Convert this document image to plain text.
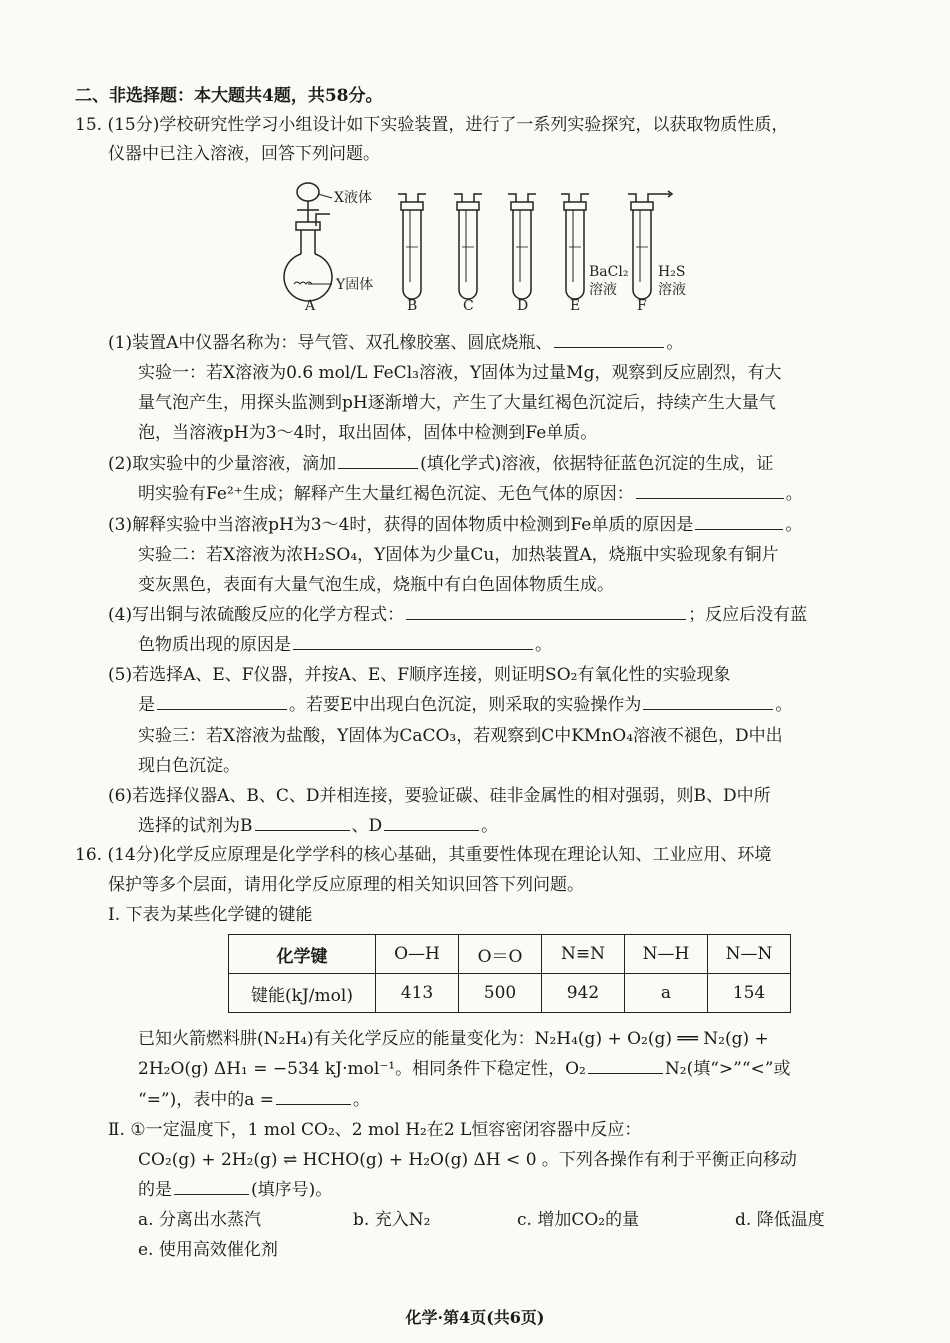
二、非选择题：本大题共4题，共58分。
15. (15分)学校研究性学习小组设计如下实验装置，进行了一系列实验探究，以获取物质性质，
仪器中已注入溶液，回答下列问题。
X液体
Y固体
A	B	C	D	E	F
BaCl₂
溶液
H₂S
溶液
(1)装置A中仪器名称为：导气管、双孔橡胶塞、圆底烧瓶、	。
实验一：若X溶液为0.6 mol/L FeCl₃溶液，Y固体为过量Mg，观察到反应剧烈，有大
量气泡产生，用探头监测到pH逐渐增大，产生了大量红褐色沉淀后，持续产生大量气
泡，当溶液pH为3～4时，取出固体，固体中检测到Fe单质。
(2)取实验中的少量溶液，滴加	(填化学式)溶液，依据特征蓝色沉淀的生成，证
明实验有Fe²⁺生成；解释产生大量红褐色沉淀、无色气体的原因：	。
(3)解释实验中当溶液pH为3～4时，获得的固体物质中检测到Fe单质的原因是	。
实验二：若X溶液为浓H₂SO₄，Y固体为少量Cu，加热装置A，烧瓶中实验现象有铜片
变灰黑色，表面有大量气泡生成，烧瓶中有白色固体物质生成。
(4)写出铜与浓硫酸反应的化学方程式：	；反应后没有蓝
色物质出现的原因是	。
(5)若选择A、E、F仪器，并按A、E、F顺序连接，则证明SO₂有氧化性的实验现象
是	。若要E中出现白色沉淀，则采取的实验操作为	。
实验三：若X溶液为盐酸，Y固体为CaCO₃，若观察到C中KMnO₄溶液不褪色，D中出
现白色沉淀。
(6)若选择仪器A、B、C、D并相连接，要验证碳、硅非金属性的相对强弱，则B、D中所
选择的试剂为B	、D	。
16. (14分)化学反应原理是化学学科的核心基础，其重要性体现在理论认知、工业应用、环境
保护等多个层面，请用化学反应原理的相关知识回答下列问题。
Ⅰ. 下表为某些化学键的键能
化学键	O—H	O＝O	N≡N	N—H	N—N
键能(kJ/mol)	413	500	942	a	154
已知火箭燃料肼(N₂H₄)有关化学反应的能量变化为：N₂H₄(g) + O₂(g) ══ N₂(g) +
2H₂O(g) ΔH₁ = −534 kJ·mol⁻¹。相同条件下稳定性，O₂	N₂(填“>”“<”或
“=”)，表中的a =	。
Ⅱ. ①一定温度下，1 mol CO₂、2 mol H₂在2 L恒容密闭容器中反应：
CO₂(g) + 2H₂(g) ⇌ HCHO(g) + H₂O(g) ΔH < 0 。下列各操作有利于平衡正向移动
的是	(填序号)。
a. 分离出水蒸汽	b. 充入N₂	c. 增加CO₂的量	d. 降低温度
e. 使用高效催化剂
化学·第4页(共6页)
